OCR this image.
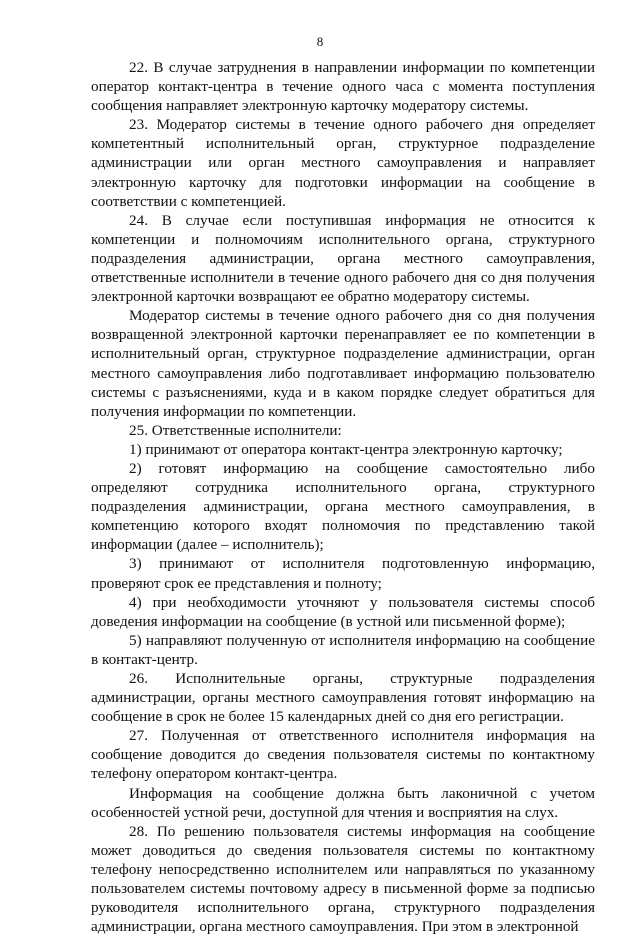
8

22. В случае затруднения в направлении информации по компетенции оператор контакт-центра в течение одного часа с момента поступления сообщения направляет электронную карточку модератору системы.

23. Модератор системы в течение одного рабочего дня определяет компетентный исполнительный орган, структурное подразделение администрации или орган местного самоуправления и направляет электронную карточку для подготовки информации на сообщение в соответствии с компетенцией.

24. В случае если поступившая информация не относится к компетенции и полномочиям исполнительного органа, структурного подразделения администрации, органа местного самоуправления, ответственные исполнители в течение одного рабочего дня со дня получения электронной карточки возвращают ее обратно модератору системы.

Модератор системы в течение одного рабочего дня со дня получения возвращенной электронной карточки перенаправляет ее по компетенции в исполнительный орган, структурное подразделение администрации, орган местного самоуправления либо подготавливает информацию пользователю системы с разъяснениями, куда и в каком порядке следует обратиться для получения информации по компетенции.

25. Ответственные исполнители:

1) принимают от оператора контакт-центра электронную карточку;

2) готовят информацию на сообщение самостоятельно либо определяют сотрудника исполнительного органа, структурного подразделения администрации, органа местного самоуправления, в компетенцию которого входят полномочия по представлению такой информации (далее – исполнитель);

3) принимают от исполнителя подготовленную информацию, проверяют срок ее представления и полноту;

4) при необходимости уточняют у пользователя системы способ доведения информации на сообщение (в устной или письменной форме);

5) направляют полученную от исполнителя информацию на сообщение в контакт-центр.

26. Исполнительные органы, структурные подразделения администрации, органы местного самоуправления готовят информацию на сообщение в срок не более 15 календарных дней со дня его регистрации.

27. Полученная от ответственного исполнителя информация на сообщение доводится до сведения пользователя системы по контактному телефону оператором контакт-центра.

Информация на сообщение должна быть лаконичной с учетом особенностей устной речи, доступной для чтения и восприятия на слух.

28. По решению пользователя системы информация на сообщение может доводиться до сведения пользователя системы по контактному телефону непосредственно исполнителем или направляться по указанному пользователем системы почтовому адресу в письменной форме за подписью руководителя исполнительного органа, структурного подразделения администрации, органа местного самоуправления. При этом в электронной
